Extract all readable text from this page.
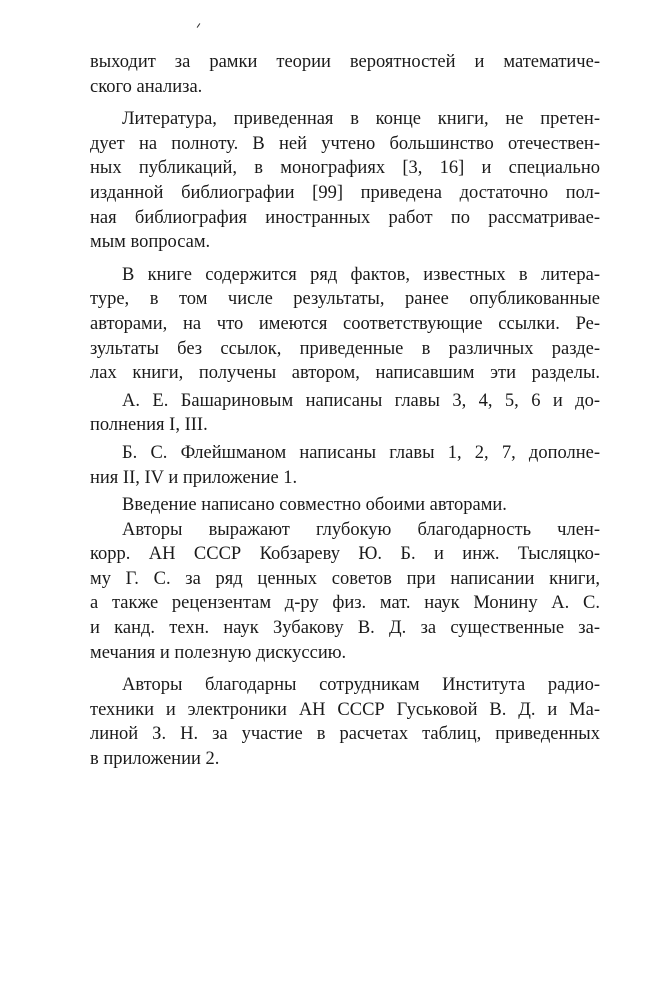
выходит за рамки теории вероятностей и математиче-
ского анализа.
Литература, приведенная в конце книги, не претен-
дует на полноту. В ней учтено большинство отечествен-
ных публикаций, в монографиях [3, 16] и специально
изданной библиографии [99] приведена достаточно пол-
ная библиография иностранных работ по рассматривае-
мым вопросам.
В книге содержится ряд фактов, известных в литера-
туре, в том числе результаты, ранее опубликованные
авторами, на что имеются соответствующие ссылки. Ре-
зультаты без ссылок, приведенные в различных разде-
лах книги, получены автором, написавшим эти разделы.
А. Е. Башариновым написаны главы 3, 4, 5, 6 и до-
полнения I, III.
Б. С. Флейшманом написаны главы 1, 2, 7, дополне-
ния II, IV и приложение 1.
Введение написано совместно обоими авторами.
Авторы выражают глубокую благодарность член-
корр. АН СССР Кобзареву Ю. Б. и инж. Тысляцко-
му Г. С. за ряд ценных советов при написании книги,
а также рецензентам д-ру физ. мат. наук Монину А. С.
и канд. техн. наук Зубакову В. Д. за существенные за-
мечания и полезную дискуссию.
Авторы благодарны сотрудникам Института радио-
техники и электроники АН СССР Гуськовой В. Д. и Ма-
линой З. Н. за участие в расчетах таблиц, приведенных
в приложении 2.
